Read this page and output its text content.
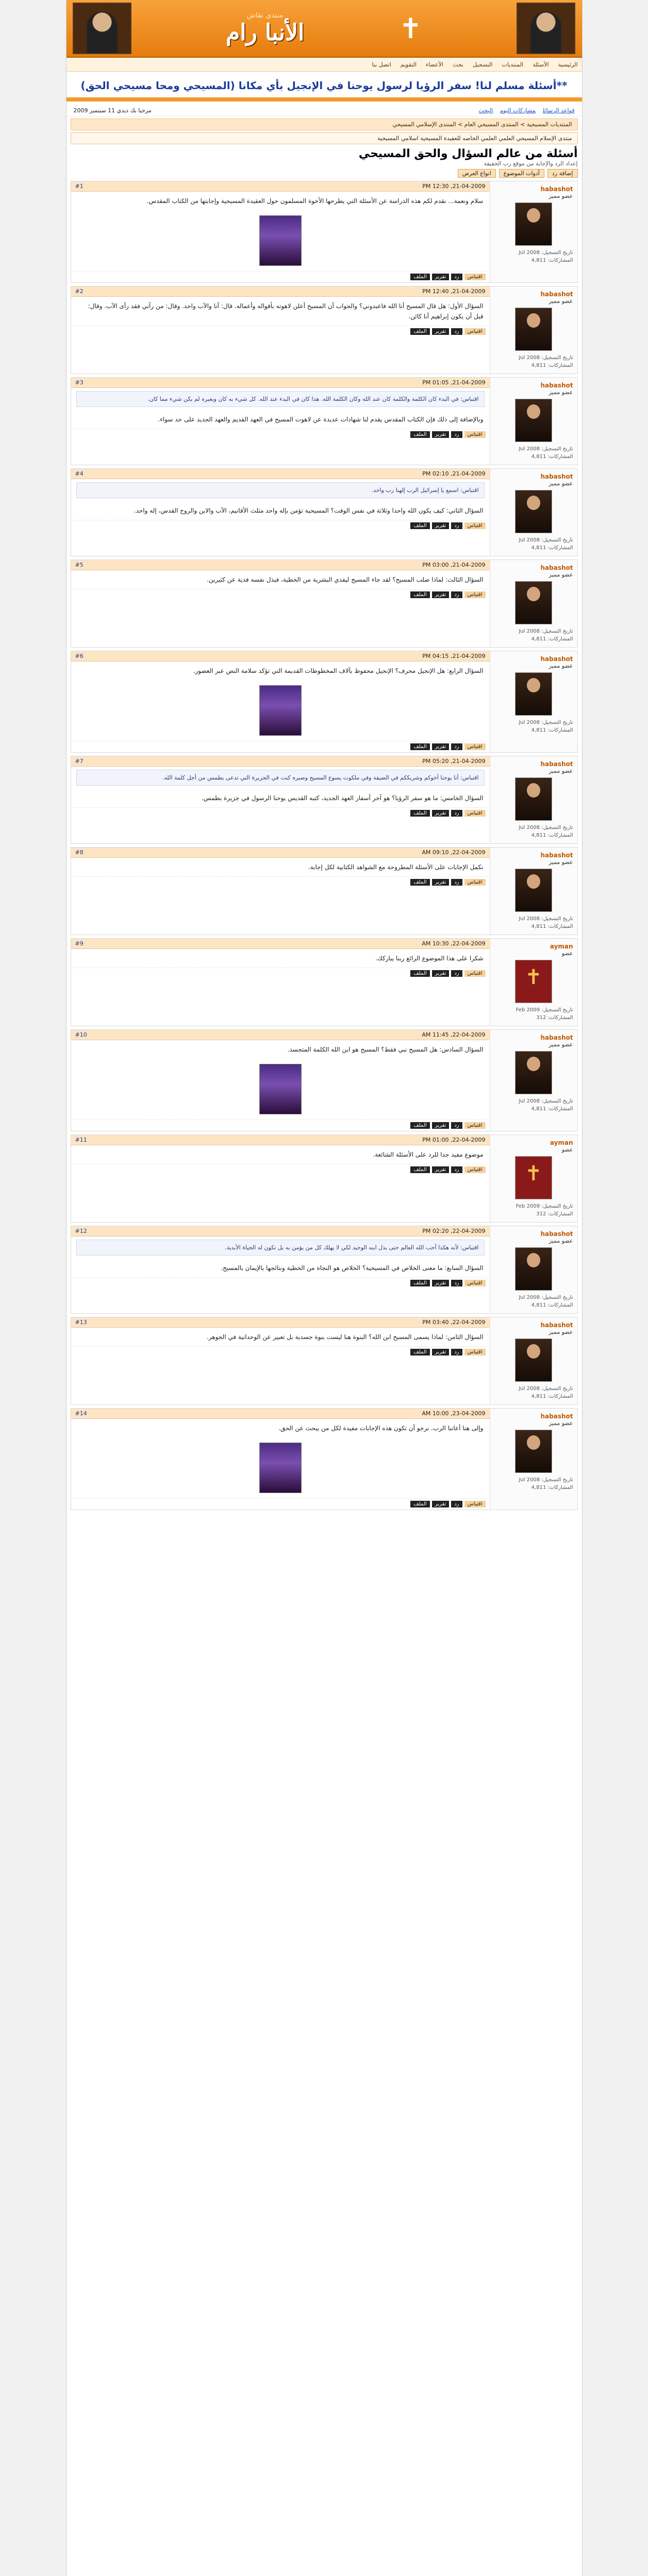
منتدى نقاش
الأنبا رام	✝
الرئيسية
الأسئلة
المنتديات
التسجيل
بحث
الأعضاء
التقويم
اتصل بنا
**أسئلة مسلم لنا! سفر الرؤيا لرسول يوحنا في الإنجيل بأي مكانا (المسيحي ومحا مسيحي الحق)
قواعد الرسائلمشاركات اليومالبحث
مرحبا بك ديدي 11 سبتمبر 2009
المنتديات المسيحية > المنتدى المسيحي العام > المنتدى الإسلامي المسيحي
منتدى الإسلام المسيحي العلمي العلمي الخاصه للعقيدة المسيحية اسلامي المسيحية
أسئلة من عالم السؤال والحق المسيحي
إعداد الرد والإجابة من موقع رب الحقيقة
إضافة رد
أدوات الموضوع
انواع العرض
habashot
عضو مميز
تاريخ التسجيل: Jul 2008
المشاركات: 4,811
21-04-2009, 12:30 PM
#1
سلام ونعمة... نقدم لكم هذه الدراسة عن الأسئلة التي يطرحها الأخوة المسلمون حول العقيدة المسيحية وإجابتها من الكتاب المقدس.
اقتباس
رد
تقرير
الملف
habashot
عضو مميز
تاريخ التسجيل: Jul 2008
المشاركات: 4,811
21-04-2009, 12:40 PM
#2
السؤال الأول: هل قال المسيح أنا الله فاعبدوني؟ والجواب أن المسيح أعلن لاهوته بأقواله وأعماله. قال: أنا والآب واحد. وقال: من رآني فقد رأى الآب. وقال: قبل أن يكون إبراهيم أنا كائن.
اقتباس
رد
تقرير
الملف
habashot
عضو مميز
تاريخ التسجيل: Jul 2008
المشاركات: 4,811
21-04-2009, 01:05 PM
#3
اقتباس: في البدء كان الكلمة والكلمة كان عند الله وكان الكلمة الله. هذا كان في البدء عند الله. كل شيء به كان وبغيره لم يكن شيء مما كان.
وبالإضافة إلى ذلك فإن الكتاب المقدس يقدم لنا شهادات عديدة عن لاهوت المسيح في العهد القديم والعهد الجديد على حد سواء.
اقتباس
رد
تقرير
الملف
habashot
عضو مميز
تاريخ التسجيل: Jul 2008
المشاركات: 4,811
21-04-2009, 02:10 PM
#4
اقتباس: اسمع يا إسرائيل الرب إلهنا رب واحد.
السؤال الثاني: كيف يكون الله واحدا وثلاثة في نفس الوقت؟ المسيحية تؤمن بإله واحد مثلث الأقانيم، الآب والابن والروح القدس، إله واحد.
اقتباس
رد
تقرير
الملف
habashot
عضو مميز
تاريخ التسجيل: Jul 2008
المشاركات: 4,811
21-04-2009, 03:00 PM
#5
السؤال الثالث: لماذا صلب المسيح؟ لقد جاء المسيح ليفدي البشرية من الخطية، فبذل نفسه فدية عن كثيرين.
اقتباس
رد
تقرير
الملف
habashot
عضو مميز
تاريخ التسجيل: Jul 2008
المشاركات: 4,811
21-04-2009, 04:15 PM
#6
السؤال الرابع: هل الإنجيل محرف؟ الإنجيل محفوظ بآلاف المخطوطات القديمة التي تؤكد سلامة النص عبر العصور.
اقتباس
رد
تقرير
الملف
habashot
عضو مميز
تاريخ التسجيل: Jul 2008
المشاركات: 4,811
21-04-2009, 05:20 PM
#7
اقتباس: أنا يوحنا أخوكم وشريككم في الضيقة وفي ملكوت يسوع المسيح وصبره كنت في الجزيرة التي تدعى بطمس من أجل كلمة الله.
السؤال الخامس: ما هو سفر الرؤيا؟ هو آخر أسفار العهد الجديد، كتبه القديس يوحنا الرسول في جزيرة بطمس.
اقتباس
رد
تقرير
الملف
habashot
عضو مميز
تاريخ التسجيل: Jul 2008
المشاركات: 4,811
22-04-2009, 09:10 AM
#8
نكمل الإجابات على الأسئلة المطروحة مع الشواهد الكتابية لكل إجابة.
اقتباس
رد
تقرير
الملف
ayman
عضو
✝
تاريخ التسجيل: Feb 2009
المشاركات: 312
22-04-2009, 10:30 AM
#9
شكرا على هذا الموضوع الرائع ربنا يباركك.
اقتباس
رد
تقرير
الملف
habashot
عضو مميز
تاريخ التسجيل: Jul 2008
المشاركات: 4,811
22-04-2009, 11:45 AM
#10
السؤال السادس: هل المسيح نبي فقط؟ المسيح هو ابن الله الكلمة المتجسد.
اقتباس
رد
تقرير
الملف
ayman
عضو
✝
تاريخ التسجيل: Feb 2009
المشاركات: 312
22-04-2009, 01:00 PM
#11
موضوع مفيد جدا للرد على الأسئلة الشائعة.
اقتباس
رد
تقرير
الملف
habashot
عضو مميز
تاريخ التسجيل: Jul 2008
المشاركات: 4,811
22-04-2009, 02:20 PM
#12
اقتباس: لأنه هكذا أحب الله العالم حتى بذل ابنه الوحيد لكي لا يهلك كل من يؤمن به بل تكون له الحياة الأبدية.
السؤال السابع: ما معنى الخلاص في المسيحية؟ الخلاص هو النجاة من الخطية ونتائجها بالإيمان بالمسيح.
اقتباس
رد
تقرير
الملف
habashot
عضو مميز
تاريخ التسجيل: Jul 2008
المشاركات: 4,811
22-04-2009, 03:40 PM
#13
السؤال الثامن: لماذا يسمى المسيح ابن الله؟ البنوة هنا ليست بنوة جسدية بل تعبير عن الوحدانية في الجوهر.
اقتباس
رد
تقرير
الملف
habashot
عضو مميز
تاريخ التسجيل: Jul 2008
المشاركات: 4,811
23-04-2009, 10:00 AM
#14
وإلى هنا أعاننا الرب. نرجو أن تكون هذه الإجابات مفيدة لكل من يبحث عن الحق.
اقتباس
رد
تقرير
الملف
